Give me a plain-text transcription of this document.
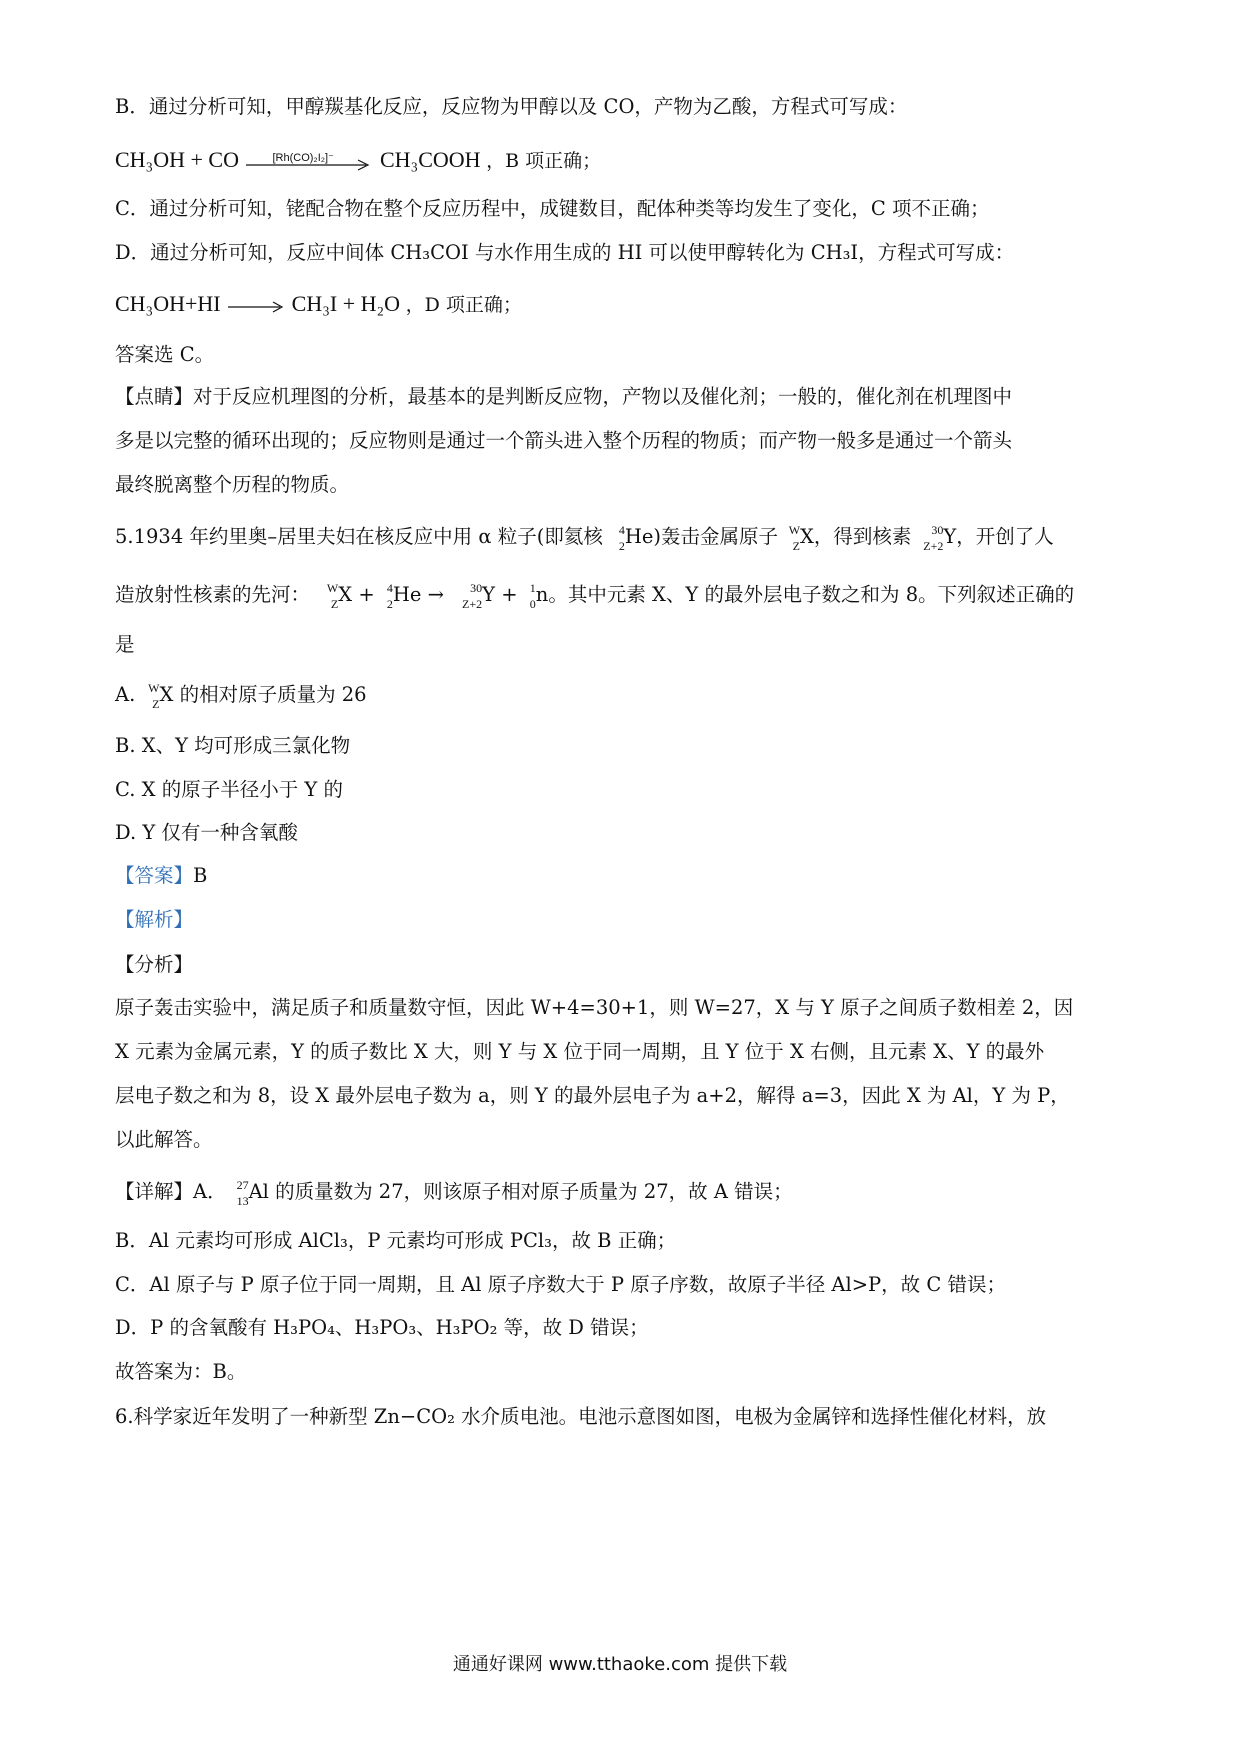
B．通过分析可知，甲醇羰基化反应，反应物为甲醇以及 CO，产物为乙酸，方程式可写成：
CH₃OH + CO	[Rh(CO)₂I₂]⁻ CH₃COOH ，B 项正确；
C．通过分析可知，铑配合物在整个反应历程中，成键数目，配体种类等均发生了变化，C 项不正确；
D．通过分析可知，反应中间体 CH₃COI 与水作用生成的 HI 可以使甲醇转化为 CH₃I，方程式可写成：
CH₃OH+HI → CH₃I + H₂O ，D 项正确；
答案选 C。
【点睛】对于反应机理图的分析，最基本的是判断反应物，产物以及催化剂；一般的，催化剂在机理图中
多是以完整的循环出现的；反应物则是通过一个箭头进入整个历程的物质；而产物一般多是通过一个箭头
最终脱离整个历程的物质。
5.1934 年约里奥–居里夫妇在核反应中用 α 粒子(即氦核 4
2 He)轰击金属原子 W
Z X，得到核素 30
Z+2 Y，开创了人
造放射性核素的先河： W
Z X + 4
2 He → 30
Z+2 Y + 1
0 n。其中元素 X、Y 的最外层电子数之和为 8。下列叙述正确的
是
A. W
Z X 的相对原子质量为 26
B. X、Y 均可形成三氯化物
C. X 的原子半径小于 Y 的
D. Y 仅有一种含氧酸
【答案】B
【解析】
【分析】
原子轰击实验中，满足质子和质量数守恒，因此 W+4=30+1，则 W=27，X 与 Y 原子之间质子数相差 2，因
X 元素为金属元素，Y 的质子数比 X 大，则 Y 与 X 位于同一周期，且 Y 位于 X 右侧，且元素 X、Y 的最外
层电子数之和为 8，设 X 最外层电子数为 a，则 Y 的最外层电子为 a+2，解得 a=3，因此 X 为 Al，Y 为 P，
以此解答。
【详解】A． 27
13 Al 的质量数为 27，则该原子相对原子质量为 27，故 A 错误；
B．Al 元素均可形成 AlCl₃，P 元素均可形成 PCl₃，故 B 正确；
C．Al 原子与 P 原子位于同一周期，且 Al 原子序数大于 P 原子序数，故原子半径 Al>P，故 C 错误；
D．P 的含氧酸有 H₃PO₄、H₃PO₃、H₃PO₂ 等，故 D 错误；
故答案为：B。
6.科学家近年发明了一种新型 Zn−CO₂ 水介质电池。电池示意图如图，电极为金属锌和选择性催化材料，放
通通好课网 www.tthaoke.com 提供下载
